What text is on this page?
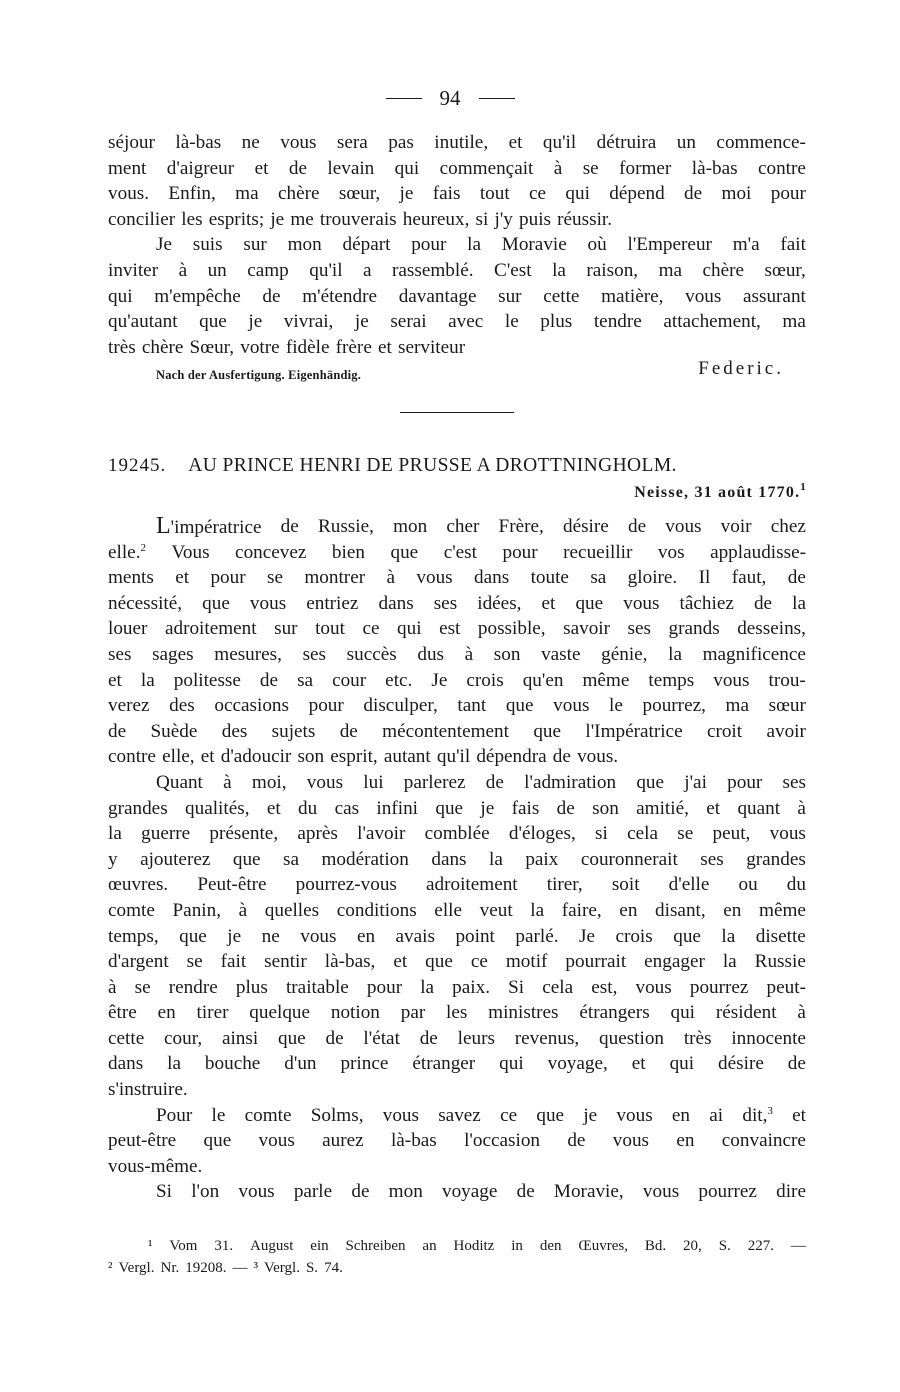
94
séjour là-bas ne vous sera pas inutile, et qu'il détruira un commence-
ment d'aigreur et de levain qui commençait à se former là-bas contre
vous. Enfin, ma chère sœur, je fais tout ce qui dépend de moi pour
concilier les esprits; je me trouverais heureux, si j'y puis réussir.
Je suis sur mon départ pour la Moravie où l'Empereur m'a fait
inviter à un camp qu'il a rassemblé. C'est la raison, ma chère sœur,
qui m'empêche de m'étendre davantage sur cette matière, vous assurant
qu'autant que je vivrai, je serai avec le plus tendre attachement, ma
très chère Sœur, votre fidèle frère et serviteur
Nach der Ausfertigung. Eigenhändig.	Federic.
19245. AU PRINCE HENRI DE PRUSSE A DROTTNINGHOLM.
Neisse, 31 août 1770.$^1$
L'impératrice de Russie, mon cher Frère, désire de vous voir chez
elle.$^2$ Vous concevez bien que c'est pour recueillir vos applaudisse-
ments et pour se montrer à vous dans toute sa gloire. Il faut, de
nécessité, que vous entriez dans ses idées, et que vous tâchiez de la
louer adroitement sur tout ce qui est possible, savoir ses grands desseins,
ses sages mesures, ses succès dus à son vaste génie, la magnificence
et la politesse de sa cour etc. Je crois qu'en même temps vous trou-
verez des occasions pour disculper, tant que vous le pourrez, ma sœur
de Suède des sujets de mécontentement que l'Impératrice croit avoir
contre elle, et d'adoucir son esprit, autant qu'il dépendra de vous.
Quant à moi, vous lui parlerez de l'admiration que j'ai pour ses
grandes qualités, et du cas infini que je fais de son amitié, et quant à
la guerre présente, après l'avoir comblée d'éloges, si cela se peut, vous
y ajouterez que sa modération dans la paix couronnerait ses grandes
œuvres. Peut-être pourrez-vous adroitement tirer, soit d'elle ou du
comte Panin, à quelles conditions elle veut la faire, en disant, en même
temps, que je ne vous en avais point parlé. Je crois que la disette
d'argent se fait sentir là-bas, et que ce motif pourrait engager la Russie
à se rendre plus traitable pour la paix. Si cela est, vous pourrez peut-
être en tirer quelque notion par les ministres étrangers qui résident à
cette cour, ainsi que de l'état de leurs revenus, question très innocente
dans la bouche d'un prince étranger qui voyage, et qui désire de
s'instruire.
Pour le comte Solms, vous savez ce que je vous en ai dit,$^3$ et
peut-être que vous aurez là-bas l'occasion de vous en convaincre
vous-même.
Si l'on vous parle de mon voyage de Moravie, vous pourrez dire
¹ Vom 31. August ein Schreiben an Hoditz in den Œuvres, Bd. 20, S. 227. —
² Vergl. Nr. 19208. — ³ Vergl. S. 74.
